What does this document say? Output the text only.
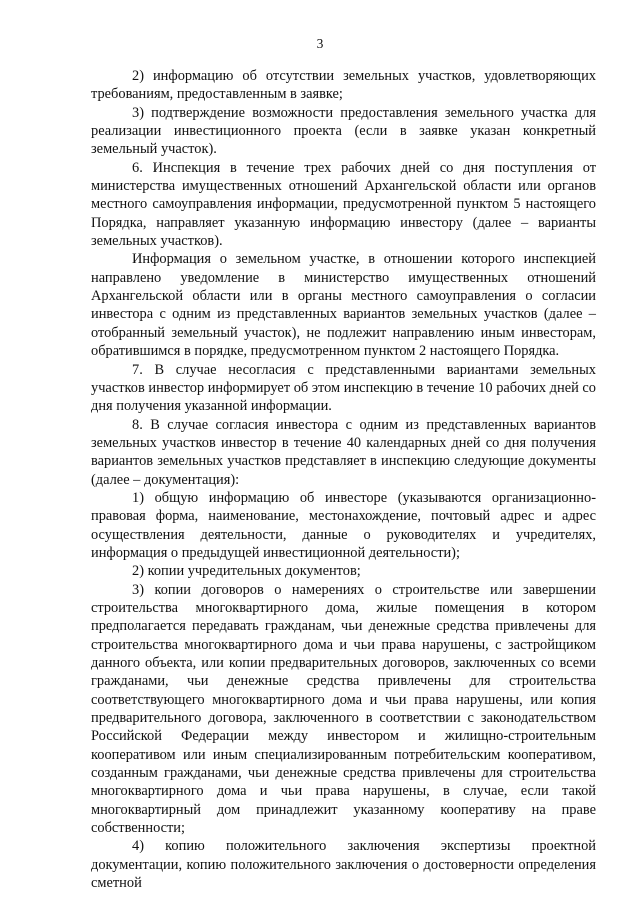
3

2) информацию об отсутствии земельных участков, удовлетворяющих требованиям, предоставленным в заявке;

3) подтверждение возможности предоставления земельного участка для реализации инвестиционного проекта (если в заявке указан конкретный земельный участок).

6. Инспекция в течение трех рабочих дней со дня поступления от министерства имущественных отношений Архангельской области или органов местного самоуправления информации, предусмотренной пунктом 5 настоящего Порядка, направляет указанную информацию инвестору (далее – варианты земельных участков).

Информация о земельном участке, в отношении которого инспекцией направлено уведомление в министерство имущественных отношений Архангельской области или в органы местного самоуправления о согласии инвестора с одним из представленных вариантов земельных участков (далее – отобранный земельный участок), не подлежит направлению иным инвесторам, обратившимся в порядке, предусмотренном пунктом 2 настоящего Порядка.

7. В случае несогласия с представленными вариантами земельных участков инвестор информирует об этом инспекцию в течение 10 рабочих дней со дня получения указанной информации.

8. В случае согласия инвестора с одним из представленных вариантов земельных участков инвестор в течение 40 календарных дней со дня получения вариантов земельных участков представляет в инспекцию следующие документы (далее – документация):

1) общую информацию об инвесторе (указываются организационно-правовая форма, наименование, местонахождение, почтовый адрес и адрес осуществления деятельности, данные о руководителях и учредителях, информация о предыдущей инвестиционной деятельности);

2) копии учредительных документов;

3) копии договоров о намерениях о строительстве или завершении строительства многоквартирного дома, жилые помещения в котором предполагается передавать гражданам, чьи денежные средства привлечены для строительства многоквартирного дома и чьи права нарушены, с застройщиком данного объекта, или копии предварительных договоров, заключенных со всеми гражданами, чьи денежные средства привлечены для строительства соответствующего многоквартирного дома и чьи права нарушены, или копия предварительного договора, заключенного в соответствии с законодательством Российской Федерации между инвестором и жилищно-строительным кооперативом или иным специализированным потребительским кооперативом, созданным гражданами, чьи денежные средства привлечены для строительства многоквартирного дома и чьи права нарушены, в случае, если такой многоквартирный дом принадлежит указанному кооперативу на праве собственности;

4) копию положительного заключения экспертизы проектной документации, копию положительного заключения о достоверности определения сметной
